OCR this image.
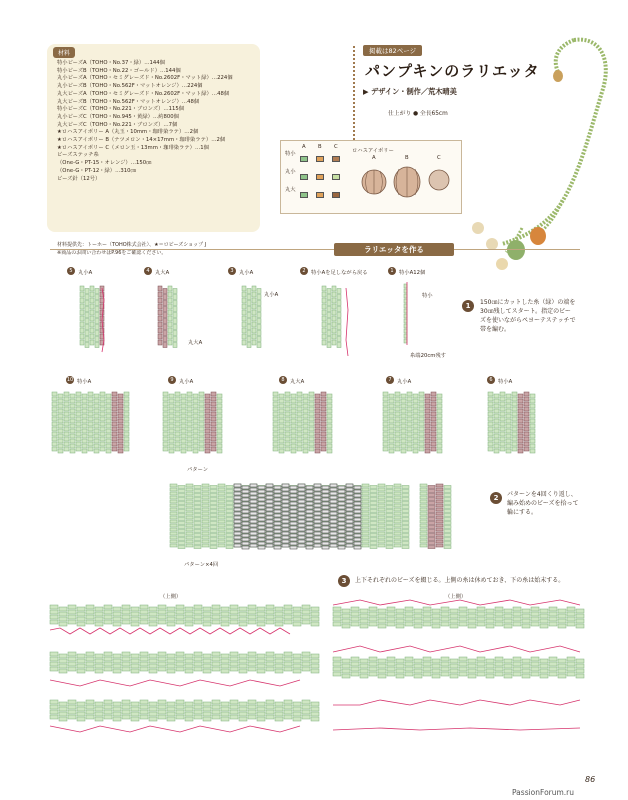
材料
特小ビーズA（TOHO・No.37・緑）…144個
特小ビーズB（TOHO・No.22・ゴールド）…144個
丸小ビーズA（TOHO・セミグレーズド・No.2602F・マット緑）…224個
丸小ビーズB（TOHO・No.562F・マットオレンジ）…224個
丸大ビーズA（TOHO・セミグレーズド・No.2602F・マット緑）…48個
丸大ビーズB（TOHO・No.562F・マットオレンジ）…48個
特小ビーズC（TOHO・No.221・ブロンズ）…115個
丸小ビーズC（TOHO・No.945・黄緑）…約800個
丸大ビーズC（TOHO・No.221・ブロンズ）…7個
★ロハスアイボリー A（丸玉・10mm・珈琲染ラテ）…2個
★ロハスアイボリー B（ナツメロン・14×17mm・珈琲染ラテ）…2個
★ロハスアイボリー C（メロン玉・13mm・珈琲染ラテ）…1個
ビーズステッチ糸
（One-G・PT-15・オレンジ）…150㎝
（One-G・PT-12・緑）…310㎝
ビーズ針（12号）
材料提供先：トーホー（TOHO株式会社）、★＝ロビーズショップ J
※商品のお問い合わせはP.96をご確認ください。
掲載は82ページ
パンプキンのラリエッタ
▶ デザイン・制作／荒木晴美
仕上がり ● 全長65cm
特小
丸小
丸大
A B C
ロハスアイボリー
A	B	C
ラリエッタを作る
5	丸小A	4	丸大A	3	丸小A	2	特小Aを足しながら戻る	1	特小A12個
丸大A
丸小A	特小
糸端20cm残す
1	150㎝にカットした糸（緑）の端を
30㎝残してスタート。指定のビー
ズを使いながらペヨーテステッチで
帯を編む。
10 特小A	9	丸小A	8	丸大A	7	丸小A	6	特小A
パターン
2	パターンを4回くり返し、
編み始めのビーズを拾って
輪にする。
パターン×4回
3	上下それぞれのビーズを綴じる。上側の糸は休めておき、下の糸は始末する。
（上側）	（上側）
86
PassionForum.ru
